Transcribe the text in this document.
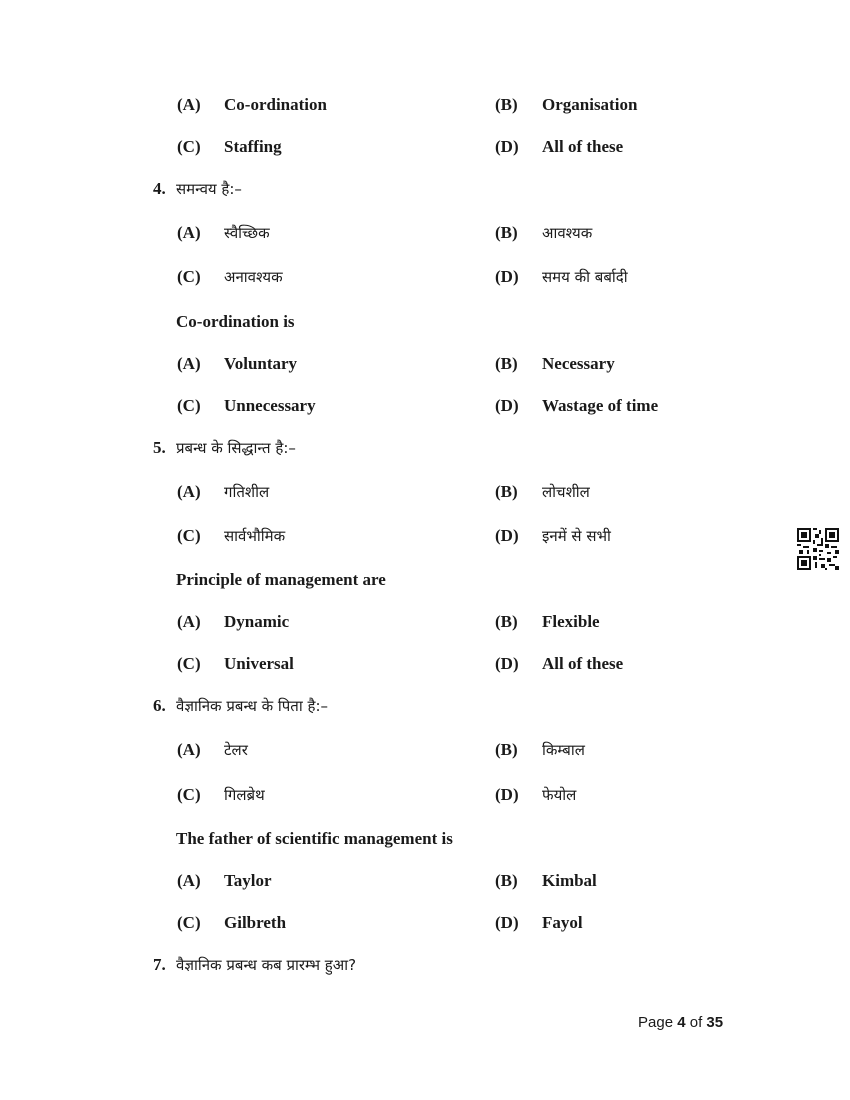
(A) Co-ordination	(B) Organisation
(C) Staffing	(D) All of these
4. समन्वय है:–
(A) स्वैच्छिक	(B) आवश्यक
(C) अनावश्यक	(D) समय की बर्बादी
Co-ordination is
(A) Voluntary	(B) Necessary
(C) Unnecessary	(D) Wastage of time
5. प्रबन्ध के सिद्धान्त है:–
(A) गतिशील	(B) लोचशील
(C) सार्वभौमिक	(D) इनमें से सभी
Principle of management are
(A) Dynamic	(B) Flexible
(C) Universal	(D) All of these
6. वैज्ञानिक प्रबन्ध के पिता है:–
(A) टेलर	(B) किम्बाल
(C) गिलब्रेथ	(D) फेयोल
The father of scientific management is
(A) Taylor	(B) Kimbal
(C) Gilbreth	(D) Fayol
7. वैज्ञानिक प्रबन्ध कब प्रारम्भ हुआ?
Page 4 of 35
